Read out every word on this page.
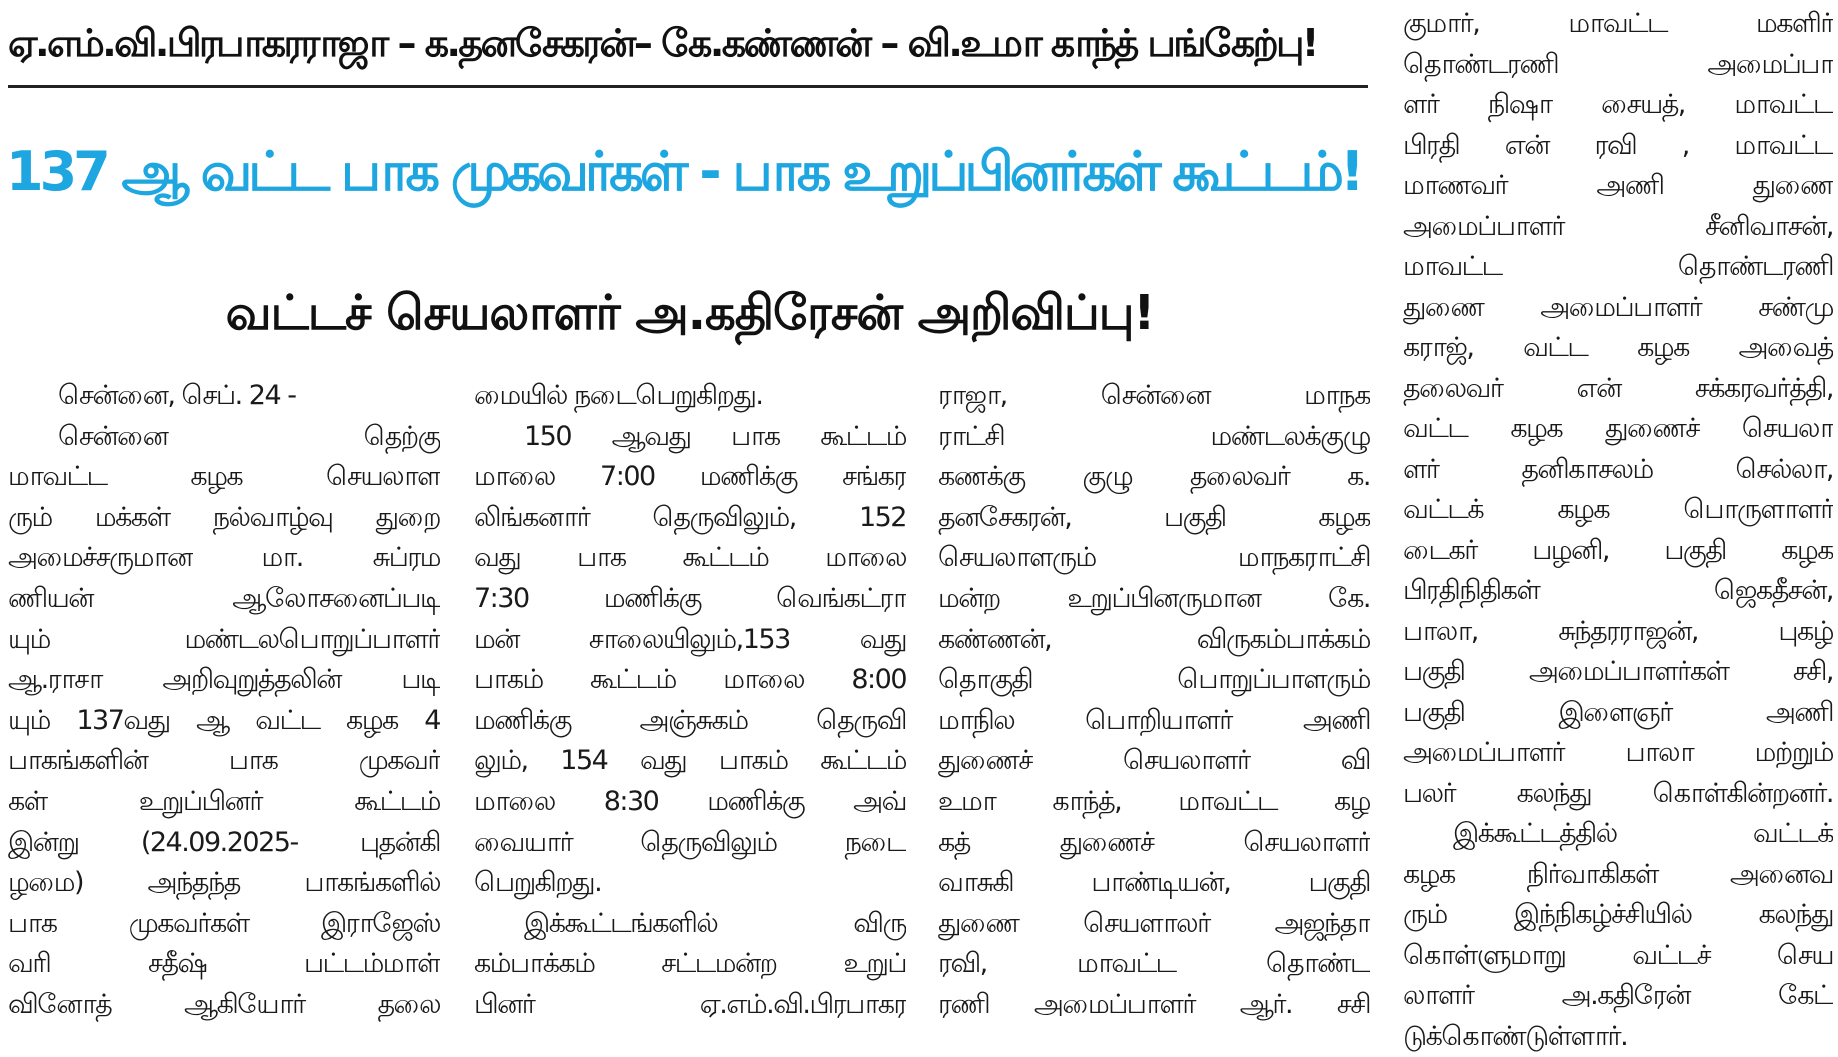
ஏ.எம்.வி.பிரபாகரராஜா – க.தனசேகரன்– கே.கண்ணன் – வி.உமா காந்த் பங்கேற்பு!
137 ஆ வட்ட பாக முகவர்கள் - பாக உறுப்பினர்கள் கூட்டம்!
வட்டச் செயலாளர் அ.கதிரேசன் அறிவிப்பு!
சென்னை, செப். 24 -
சென்னை தெற்கு
மாவட்ட கழக செயலாள
ரும் மக்கள் நல்வாழ்வு துறை
அமைச்சருமான மா. சுப்ரம
ணியன் ஆலோசனைப்படி
யும் மண்டலபொறுப்பாளர்
ஆ.ராசா அறிவுறுத்தலின் படி
யும் 137வது ஆ வட்ட கழக 4
பாகங்களின் பாக முகவர்
கள் உறுப்பினர் கூட்டம்
இன்று (24.09.2025- புதன்கி
ழமை) அந்தந்த பாகங்களில்
பாக முகவர்கள் இராஜேஸ்
வரி சதீஷ் பட்டம்மாள்
வினோத் ஆகியோர் தலை
மையில் நடைபெறுகிறது.
150 ஆவது பாக கூட்டம்
மாலை 7:00 மணிக்கு சங்கர
லிங்கனார் தெருவிலும், 152
வது பாக கூட்டம் மாலை
7:30 மணிக்கு வெங்கட்ரா
மன் சாலையிலும்,153 வது
பாகம் கூட்டம் மாலை 8:00
மணிக்கு அஞ்சுகம் தெருவி
லும், 154 வது பாகம் கூட்டம்
மாலை 8:30 மணிக்கு அவ்
வையார் தெருவிலும் நடை
பெறுகிறது.
இக்கூட்டங்களில் விரு
கம்பாக்கம் சட்டமன்ற உறுப்
பினர் ஏ.எம்.வி.பிரபாகர
ராஜா, சென்னை மாநக
ராட்சி மண்டலக்குழு
கணக்கு குழு தலைவர் க.
தனசேகரன், பகுதி கழக
செயலாளரும் மாநகராட்சி
மன்ற உறுப்பினருமான கே.
கண்ணன், விருகம்பாக்கம்
தொகுதி பொறுப்பாளரும்
மாநில பொறியாளர் அணி
துணைச் செயலாளர் வி
உமா காந்த், மாவட்ட கழ
கத் துணைச் செயலாளர்
வாசுகி பாண்டியன், பகுதி
துணை செயளாலர் அஜந்தா
ரவி, மாவட்ட தொண்ட
ரணி அமைப்பாளர் ஆர். சசி
குமார், மாவட்ட மகளிர்
தொண்டரணி அமைப்பா
ளர் நிஷா சையத், மாவட்ட
பிரதி என் ரவி , மாவட்ட
மாணவர் அணி துணை
அமைப்பாளர் சீனிவாசன்,
மாவட்ட தொண்டரணி
துணை அமைப்பாளர் சண்மு
கராஜ், வட்ட கழக அவைத்
தலைவர் என் சக்கரவர்த்தி,
வட்ட கழக துணைச் செயலா
ளர் தனிகாசலம் செல்லா,
வட்டக் கழக பொருளாளர்
டைகர் பழனி, பகுதி கழக
பிரதிநிதிகள் ஜெகதீசன்,
பாலா, சுந்தரராஜன், புகழ்
பகுதி அமைப்பாளர்கள் சசி,
பகுதி இளைஞர் அணி
அமைப்பாளர் பாலா மற்றும்
பலர் கலந்து கொள்கின்றனர்.
இக்கூட்டத்தில் வட்டக்
கழக நிர்வாகிகள் அனைவ
ரும் இந்நிகழ்ச்சியில் கலந்து
கொள்ளுமாறு வட்டச் செய
லாளர் அ.கதிரேன் கேட்
டுக்கொண்டுள்ளார்.
